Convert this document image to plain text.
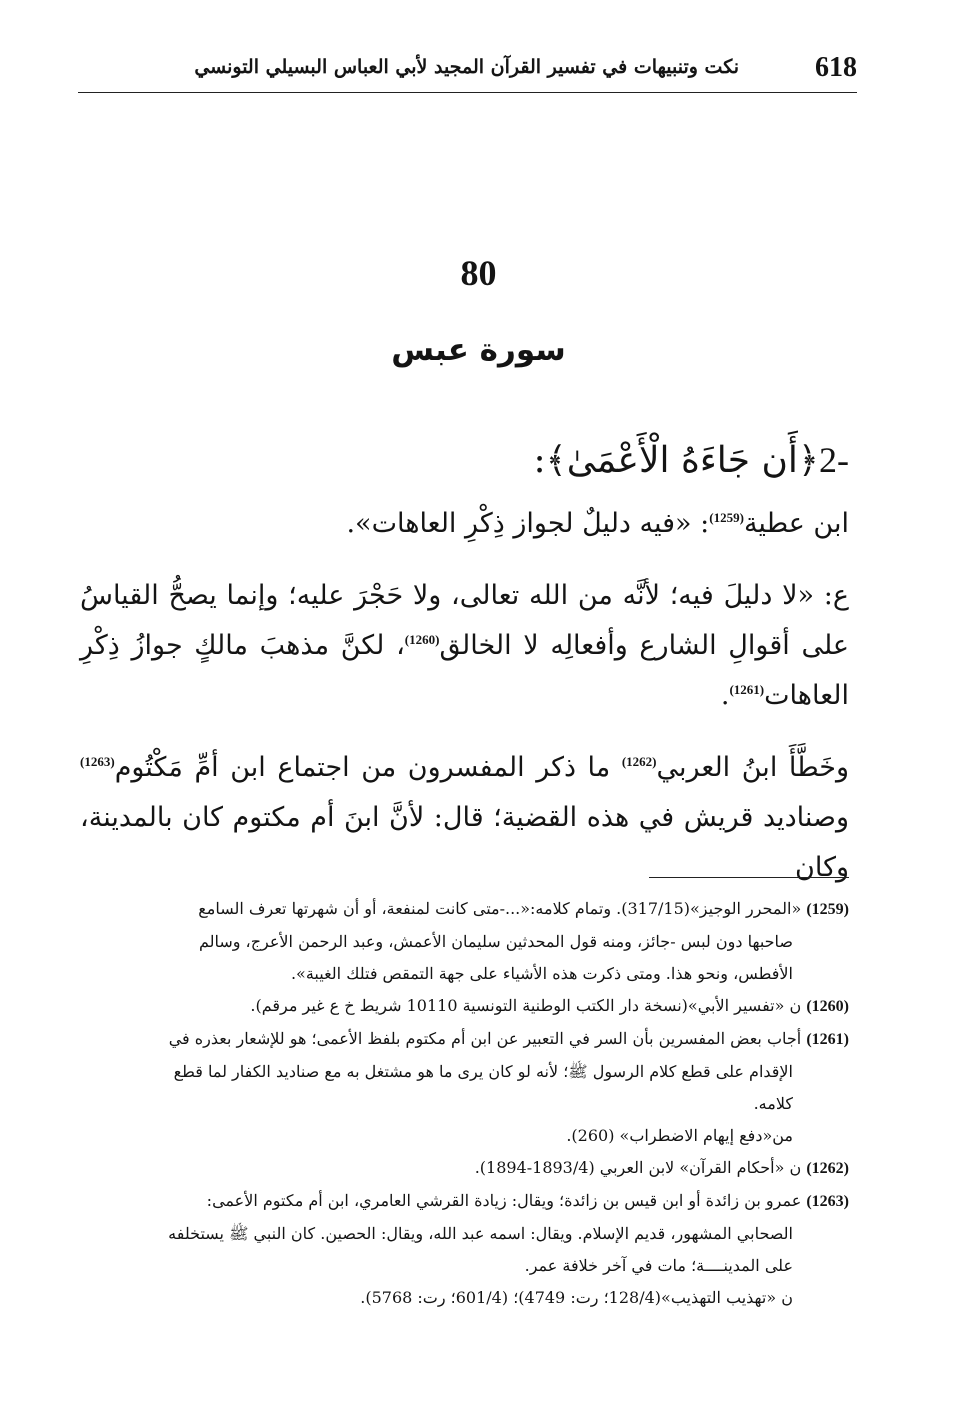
618
نكت وتنبيهات في تفسير القرآن المجيد لأبي العباس البسيلي التونسي
80
سورة عبس
-2﴿أَن جَاءَهُ الْأَعْمَىٰ﴾:

ابن عطية$^{(1259)}$: «فيه دليلٌ لجواز ذِكْرِ العاهات».

ع: «لا دليلَ فيه؛ لأنَّه من الله تعالى، ولا حَجْرَ عليه؛ وإنما يصحُّ القياسُ على أقوالِ الشارع وأفعالِه لا الخالق$^{(1260)}$، لكنَّ مذهبَ مالكٍ جوازُ ذِكْرِ العاهات$^{(1261)}$.

وخَطَّأَ ابنُ العربي$^{(1262)}$ ما ذكر المفسرون من اجتماع ابن أمِّ مَكْتُوم$^{(1263)}$ وصناديد قريش في هذه القضية؛ قال: لأنَّ ابنَ أم مكتوم كان بالمدينة، وكان

(1259) «المحرر الوجيز»(317/15). وتمام كلامه:«...-متى كانت لمنفعة، أو أن شهرتها تعرف السامع
صاحبها دون لبس -جائز، ومنه قول المحدثين سليمان الأعمش، وعبد الرحمن الأعرج، وسالم
الأفطس، ونحو هذا. ومتى ذكرت هذه الأشياء على جهة التمقص فتلك الغيبة».
(1260) ن «تفسير الأبي»(نسخة دار الكتب الوطنية التونسية 10110 شريط خ ع غير مرقم).
(1261) أجاب بعض المفسرين بأن السر في التعبير عن ابن أم مكتوم بلفظ الأعمى؛ هو للإشعار بعذره في
الإقدام على قطع كلام الرسول ﷺ؛ لأنه لو كان يرى ما هو مشتغل به مع صناديد الكفار لما قطع
كلامه.
من«دفع إيهام الاضطراب» (260).
(1262) ن «أحكام القرآن» لابن العربي (1893/4-1894).
(1263) عمرو بن زائدة أو ابن قيس بن زائدة؛ ويقال: زيادة القرشي العامري، ابن أم مكتوم الأعمى:
الصحابي المشهور، قديم الإسلام. ويقال: اسمه عبد الله، ويقال: الحصين. كان النبي ﷺ يستخلفه
على المدينــــة؛ مات في آخر خلافة عمر.
ن «تهذيب التهذيب»(128/4؛ رت: 4749)؛ (601/4؛ رت: 5768).
